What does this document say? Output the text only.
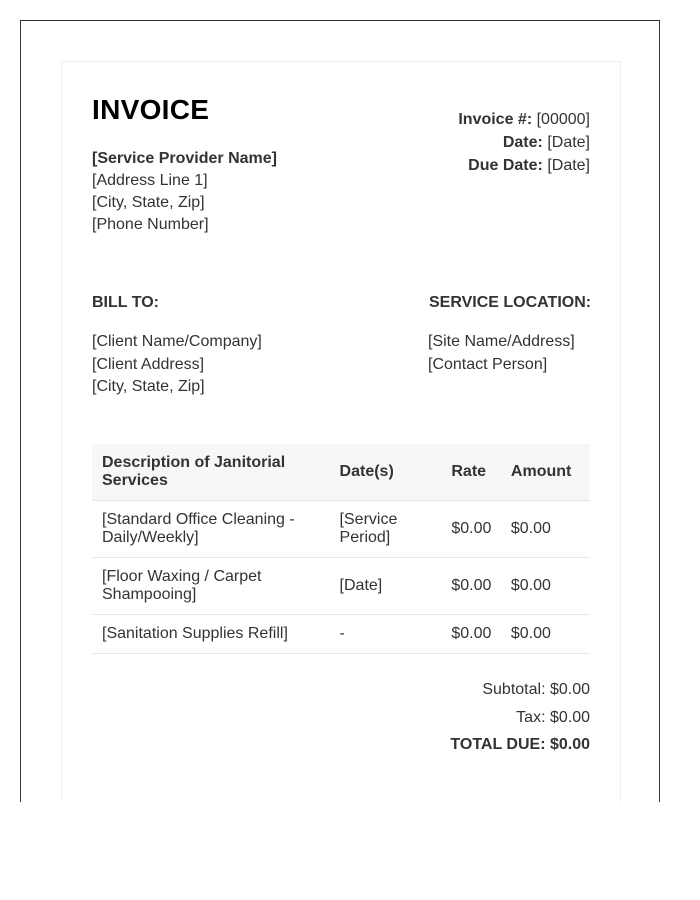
INVOICE
[Service Provider Name]
[Address Line 1]
[City, State, Zip]
[Phone Number]
Invoice #: [00000]
Date: [Date]
Due Date: [Date]
BILL TO:	SERVICE LOCATION:
[Client Name/Company]
[Client Address]
[City, State, Zip]
[Site Name/Address]
[Contact Person]
Description of Janitorial Services	Date(s)	Rate	Amount
[Standard Office Cleaning - Daily/Weekly]	[Service Period]	$0.00	$0.00
[Floor Waxing / Carpet Shampooing]	[Date]	$0.00	$0.00
[Sanitation Supplies Refill]	-	$0.00	$0.00
Subtotal: $0.00
Tax: $0.00
TOTAL DUE: $0.00
